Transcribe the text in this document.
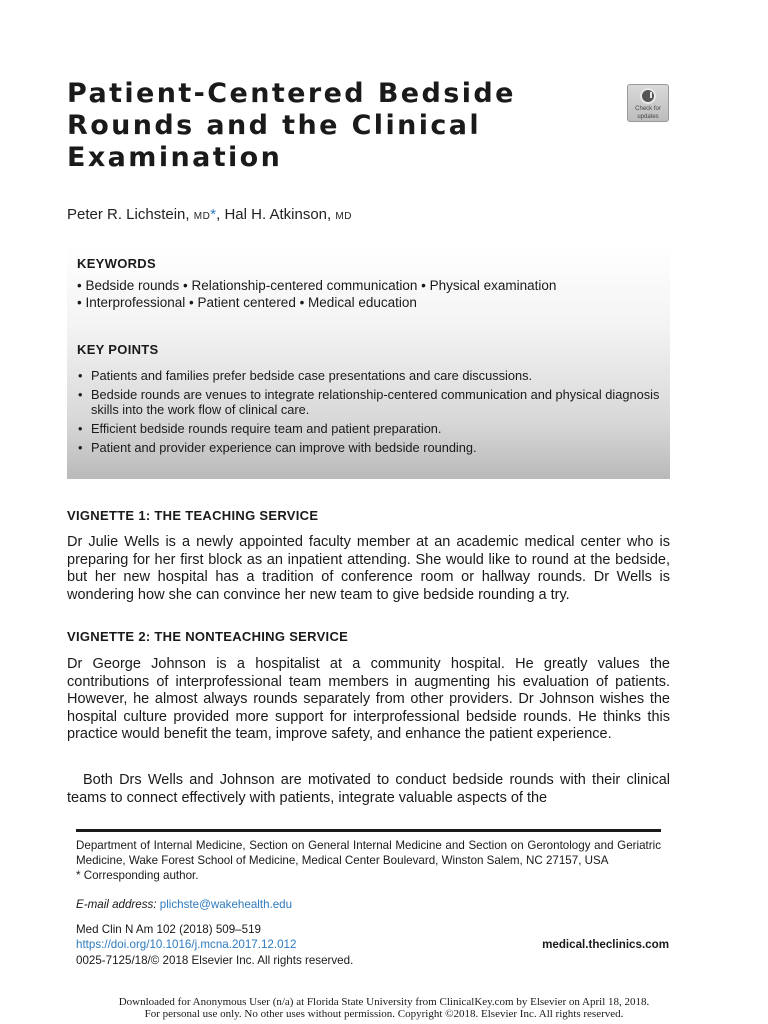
Patient-Centered Bedside
Rounds and the Clinical
Examination
Check for
updates

Peter R. Lichstein, MD*, Hal H. Atkinson, MD

KEYWORDS

• Bedside rounds • Relationship-centered communication • Physical examination

• Interprofessional • Patient centered • Medical education

KEY POINTS

• Patients and families prefer bedside case presentations and care discussions.
• Bedside rounds are venues to integrate relationship-centered communication and physical diagnosis skills into the work flow of clinical care.
• Efficient bedside rounds require team and patient preparation.
• Patient and provider experience can improve with bedside rounding.
VIGNETTE 1: THE TEACHING SERVICE

Dr Julie Wells is a newly appointed faculty member at an academic medical center who is preparing for her first block as an inpatient attending. She would like to round at the bedside, but her new hospital has a tradition of conference room or hallway rounds. Dr Wells is wondering how she can convince her new team to give bedside rounding a try.

VIGNETTE 2: THE NONTEACHING SERVICE

Dr George Johnson is a hospitalist at a community hospital. He greatly values the contributions of interprofessional team members in augmenting his evaluation of patients. However, he almost always rounds separately from other providers. Dr Johnson wishes the hospital culture provided more support for interprofessional bedside rounds. He thinks this practice would benefit the team, improve safety, and enhance the patient experience.

Both Drs Wells and Johnson are motivated to conduct bedside rounds with their clinical teams to connect effectively with patients, integrate valuable aspects of the

Department of Internal Medicine, Section on General Internal Medicine and Section on Gerontology and Geriatric Medicine, Wake Forest School of Medicine, Medical Center Boulevard, Winston Salem, NC 27157, USA
* Corresponding author.

E-mail address: plichste@wakehealth.edu

Med Clin N Am 102 (2018) 509–519

https://doi.org/10.1016/j.mcna.2017.12.012

0025-7125/18/© 2018 Elsevier Inc. All rights reserved.

medical.theclinics.com

Downloaded for Anonymous User (n/a) at Florida State University from ClinicalKey.com by Elsevier on April 18, 2018.
For personal use only. No other uses without permission. Copyright ©2018. Elsevier Inc. All rights reserved.
